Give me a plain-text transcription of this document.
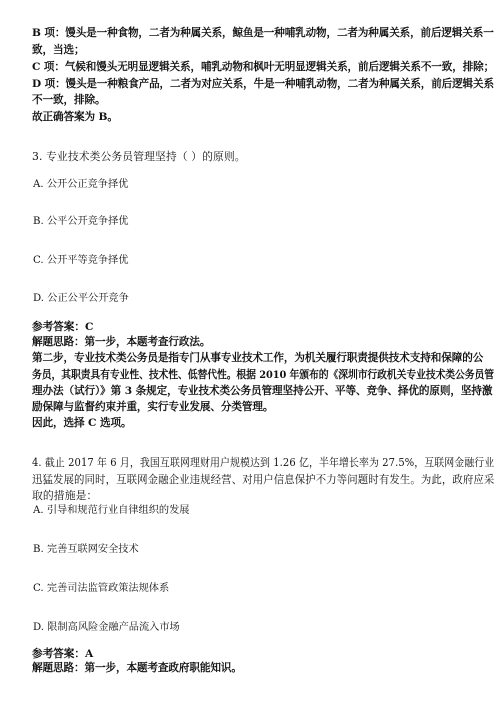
B 项：馒头是一种食物，二者为种属关系，鲸鱼是一种哺乳动物，二者为种属关系，前后逻辑关系一
致，当选；
C 项：气候和馒头无明显逻辑关系，哺乳动物和枫叶无明显逻辑关系，前后逻辑关系不一致，排除；
D 项：馒头是一种粮食产品，二者为对应关系，牛是一种哺乳动物，二者为种属关系，前后逻辑关系
不一致，排除。
故正确答案为 B。
3. 专业技术类公务员管理坚持（ ）的原则。
A. 公开公正竞争择优
B. 公平公开竞争择优
C. 公开平等竞争择优
D. 公正公平公开竞争
参考答案：C
解题思路：第一步，本题考查行政法。
第二步，专业技术类公务员是指专门从事专业技术工作，为机关履行职责提供技术支持和保障的公
务员，其职责具有专业性、技术性、低替代性。根据 2010 年颁布的《深圳市行政机关专业技术类公务员管
理办法（试行）》第 3 条规定，专业技术类公务员管理坚持公开、平等、竞争、择优的原则，坚持激
励保障与监督约束并重，实行专业发展、分类管理。
因此，选择 C 选项。
4. 截止 2017 年 6 月，我国互联网理财用户规模达到 1.26 亿，半年增长率为 27.5%，互联网金融行业
迅猛发展的同时，互联网金融企业违规经营、对用户信息保护不力等问题时有发生。为此，政府应采
取的措施是：
A. 引导和规范行业自律组织的发展
B. 完善互联网安全技术
C. 完善司法监管政策法规体系
D. 限制高风险金融产品流入市场
参考答案：A
解题思路：第一步，本题考查政府职能知识。
